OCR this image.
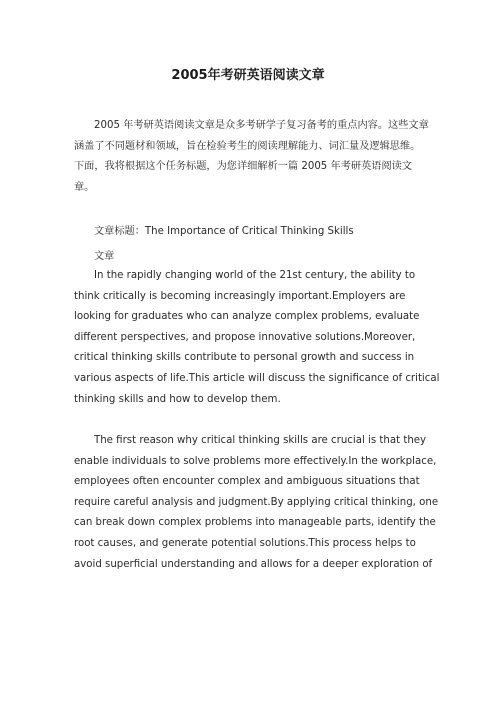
2005年考研英语阅读文章
2005 年考研英语阅读文章是众多考研学子复习备考的重点内容。这些文章
涵盖了不同题材和领域，旨在检验考生的阅读理解能力、词汇量及逻辑思维。
下面，我将根据这个任务标题，为您详细解析一篇 2005 年考研英语阅读文
章。
文章标题：The Importance of Critical Thinking Skills
文章
In the rapidly changing world of the 21st century, the ability to
think critically is becoming increasingly important.Employers are
looking for graduates who can analyze complex problems, evaluate
different perspectives, and propose innovative solutions.Moreover,
critical thinking skills contribute to personal growth and success in
various aspects of life.This article will discuss the significance of critical
thinking skills and how to develop them.
The first reason why critical thinking skills are crucial is that they
enable individuals to solve problems more effectively.In the workplace,
employees often encounter complex and ambiguous situations that
require careful analysis and judgment.By applying critical thinking, one
can break down complex problems into manageable parts, identify the
root causes, and generate potential solutions.This process helps to
avoid superficial understanding and allows for a deeper exploration of
